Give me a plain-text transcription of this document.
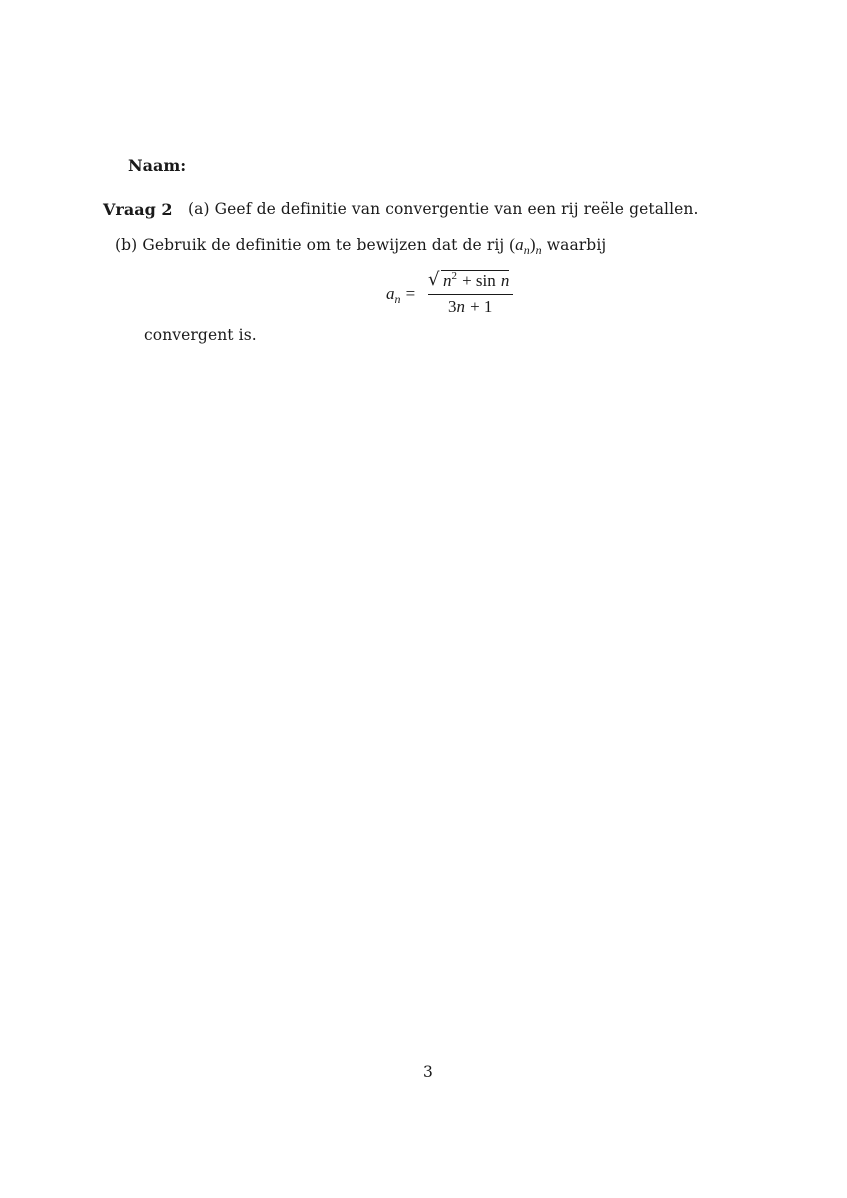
Naam:
Vraag 2 (a) Geef de definitie van convergentie van een rij reële getallen.
(b) Gebruik de definitie om te bewijzen dat de rij $(a_n)_n$ waarbij
$a_n$ =
√ $n^2 + \sin n$
3n + 1
convergent is.
3
